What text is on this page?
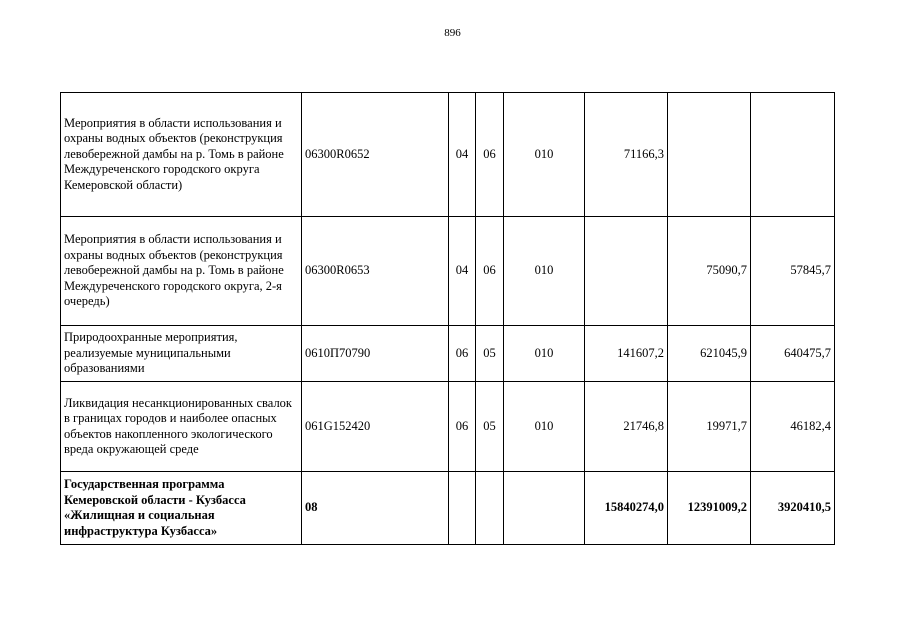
896
Мероприятия в области использования и охраны водных объектов (реконструкция левобережной дамбы на р. Томь в районе Междуреченского городского округа Кемеровской области)	06300R0652	04	06	010	71166,3		
Мероприятия в области использования и охраны водных объектов (реконструкция левобережной дамбы на р. Томь в районе Междуреченского городского округа, 2-я очередь)	06300R0653	04	06	010		75090,7	57845,7
Природоохранные мероприятия, реализуемые муниципальными образованиями	0610П70790	06	05	010	141607,2	621045,9	640475,7
Ликвидация несанкционированных свалок в границах городов и наиболее опасных объектов накопленного экологического вреда окружающей среде	061G152420	06	05	010	21746,8	19971,7	46182,4
Государственная программа Кемеровской области - Кузбасса «Жилищная и социальная инфраструктура Кузбасса»	08				15840274,0	12391009,2	3920410,5
